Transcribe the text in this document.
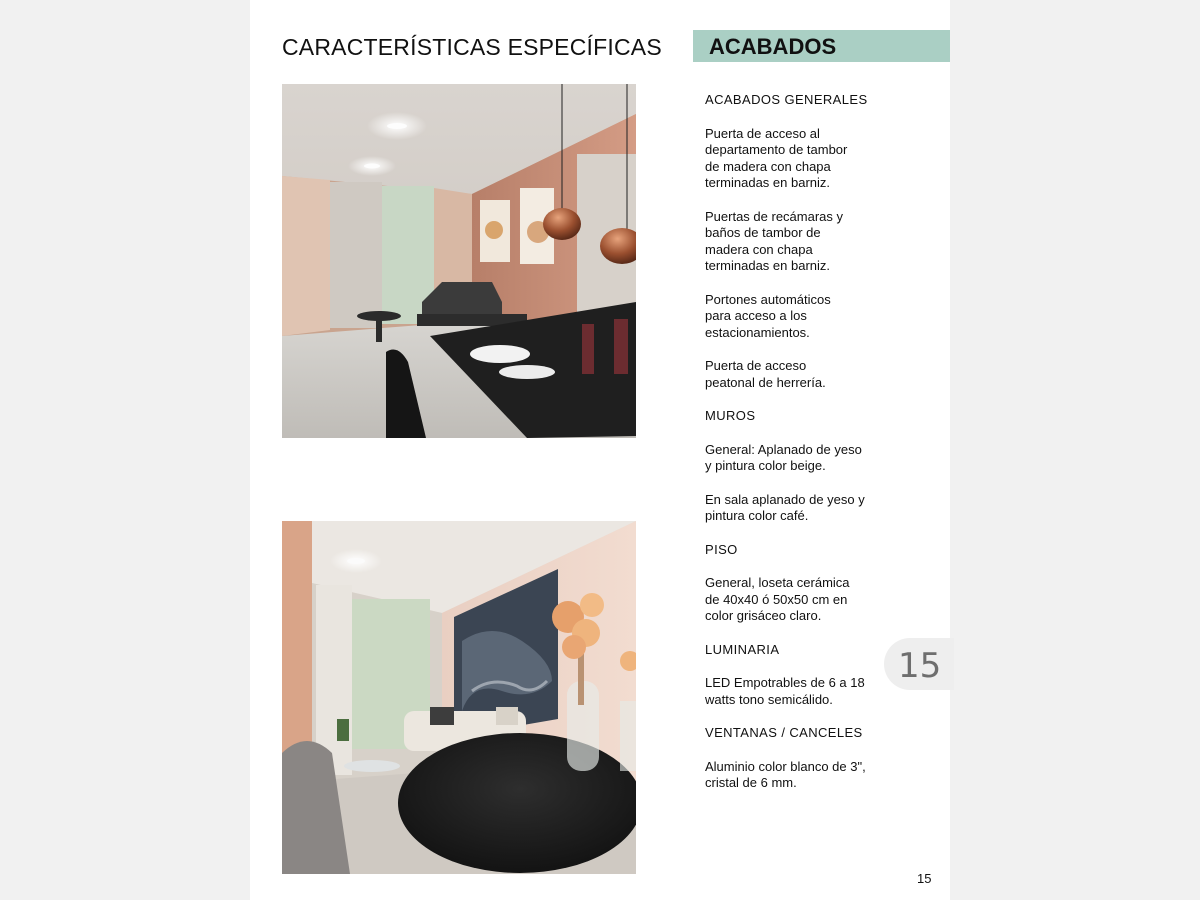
CARACTERÍSTICAS ESPECÍFICAS ACABADOS
ACABADOS GENERALES
Puerta de acceso al
departamento de tambor
de madera con chapa
terminadas en barniz.
Puertas de recámaras y
baños de tambor de
madera con chapa
terminadas en barniz.
Portones automáticos
para acceso a los
estacionamientos.
Puerta de acceso
peatonal de herrería.
MUROS
General: Aplanado de yeso
y pintura color beige.
En sala aplanado de yeso y
pintura color café.
PISO
General, loseta cerámica
de 40x40 ó 50x50 cm en
color grisáceo claro.
LUMINARIA
LED Empotrables de 6 a 18
watts tono semicálido.
VENTANAS / CANCELES
Aluminio color blanco de 3",
cristal de 6 mm.
15
15
